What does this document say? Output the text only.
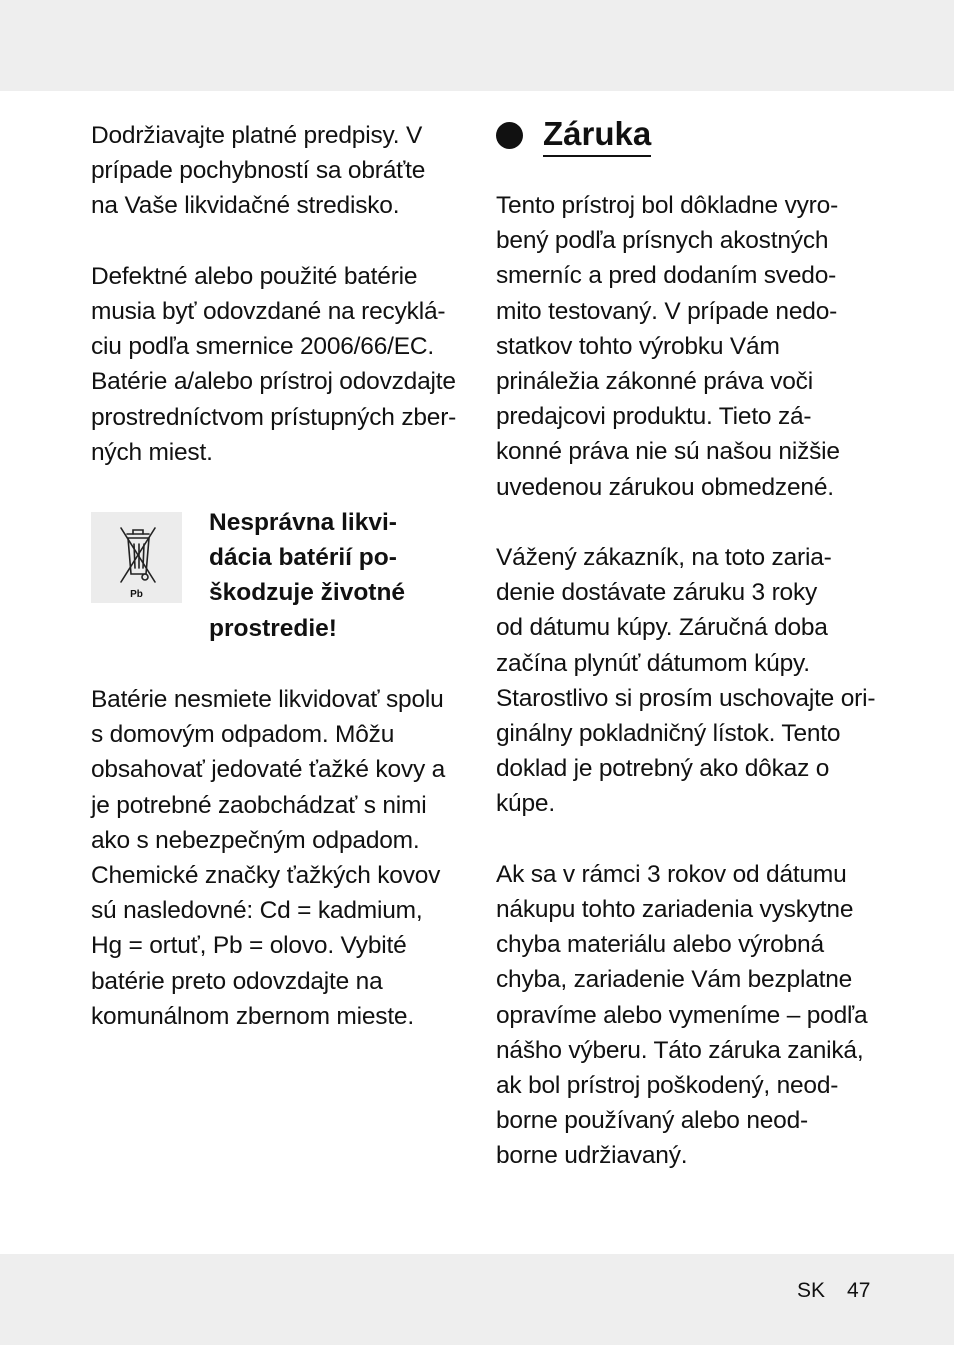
Dodržiavajte platné predpisy. V
prípade pochybností sa obráťte
na Vaše likvidačné stredisko.
Defektné alebo použité batérie
musia byť odovzdané na recyklá-
ciu podľa smernice 2006/66/EC.
Batérie a/alebo prístroj odovzdajte
prostredníctvom prístupných zber-
ných miest.
Pb
Nesprávna likvi-
dácia batérií po-
škodzuje životné
prostredie!
Batérie nesmiete likvidovať spolu
s domovým odpadom. Môžu
obsahovať jedovaté ťažké kovy a
je potrebné zaobchádzať s nimi
ako s nebezpečným odpadom.
Chemické značky ťažkých kovov
sú nasledovné: Cd = kadmium,
Hg = ortuť, Pb = olovo. Vybité
batérie preto odovzdajte na
komunálnom zbernom mieste.
Záruka
Tento prístroj bol dôkladne vyro-
bený podľa prísnych akostných
smerníc a pred dodaním svedo-
mito testovaný. V prípade nedo-
statkov tohto výrobku Vám
prináležia zákonné práva voči
predajcovi produktu. Tieto zá-
konné práva nie sú našou nižšie
uvedenou zárukou obmedzené.
Vážený zákazník, na toto zaria-
denie dostávate záruku 3 roky
od dátumu kúpy. Záručná doba
začína plynúť dátumom kúpy.
Starostlivo si prosím uschovajte ori-
ginálny pokladničný lístok. Tento
doklad je potrebný ako dôkaz o
kúpe.
Ak sa v rámci 3 rokov od dátumu
nákupu tohto zariadenia vyskytne
chyba materiálu alebo výrobná
chyba, zariadenie Vám bezplatne
opravíme alebo vymeníme – podľa
nášho výberu. Táto záruka zaniká,
ak bol prístroj poškodený, neod-
borne používaný alebo neod-
borne udržiavaný.
SK 47
